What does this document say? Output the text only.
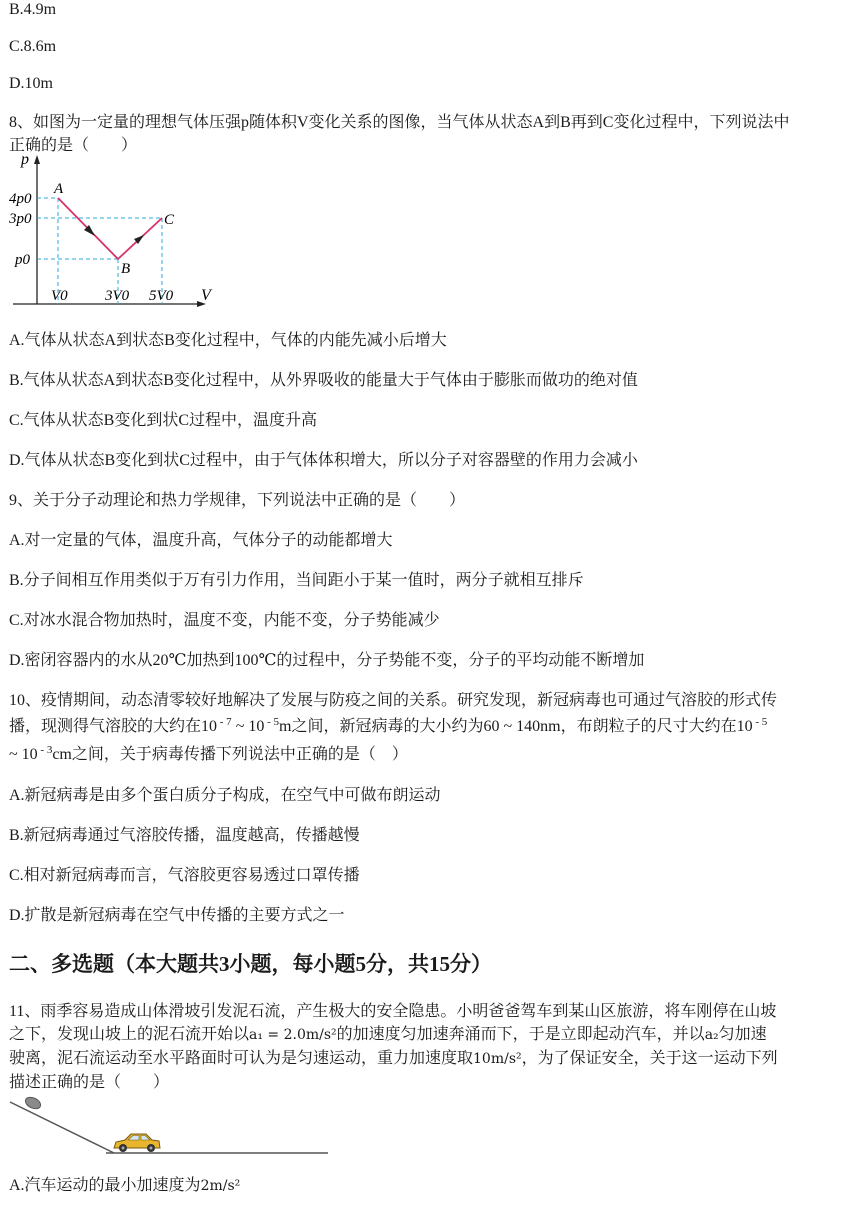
B.4.9m
C.8.6m
D.10m
8、如图为一定量的理想气体压强p随体积V变化关系的图像，当气体从状态A到B再到C变化过程中，下列说法中
正确的是（　　）
p
V
A
B
C
4p0
3p0
p0
V0 3V0 5V0
A.气体从状态A到状态B变化过程中，气体的内能先减小后增大
B.气体从状态A到状态B变化过程中，从外界吸收的能量大于气体由于膨胀而做功的绝对值
C.气体从状态B变化到状C过程中，温度升高
D.气体从状态B变化到状C过程中，由于气体体积增大，所以分子对容器壁的作用力会减小
9、关于分子动理论和热力学规律，下列说法中正确的是（　　）
A.对一定量的气体，温度升高，气体分子的动能都增大
B.分子间相互作用类似于万有引力作用，当间距小于某一值时，两分子就相互排斥
C.对冰水混合物加热时，温度不变，内能不变，分子势能减少
D.密闭容器内的水从20℃加热到100℃的过程中，分子势能不变，分子的平均动能不断增加
10、疫情期间，动态清零较好地解决了发展与防疫之间的关系。研究发现，新冠病毒也可通过气溶胶的形式传
播，现测得气溶胶的大约在10 $^{- 7}$ ~ 10 $^{- 5}$m之间，新冠病毒的大小约为60 ~ 140nm，布朗粒子的尺寸大约在10 $^{- 5}$
~ 10 $^{- 3}$cm之间，关于病毒传播下列说法中正确的是（　）
A.新冠病毒是由多个蛋白质分子构成，在空气中可做布朗运动
B.新冠病毒通过气溶胶传播，温度越高，传播越慢
C.相对新冠病毒而言，气溶胶更容易透过口罩传播
D.扩散是新冠病毒在空气中传播的主要方式之一
二、多选题（本大题共3小题，每小题5分，共15分）
11、雨季容易造成山体滑坡引发泥石流，产生极大的安全隐患。小明爸爸驾车到某山区旅游，将车刚停在山坡
之下，发现山坡上的泥石流开始以a₁ = 2.0m/s²的加速度匀加速奔涌而下，于是立即起动汽车，并以a₂匀加速
驶离，泥石流运动至水平路面时可认为是匀速运动，重力加速度取10m/s²，为了保证安全，关于这一运动下列
描述正确的是（　　）
A.汽车运动的最小加速度为2m/s²
